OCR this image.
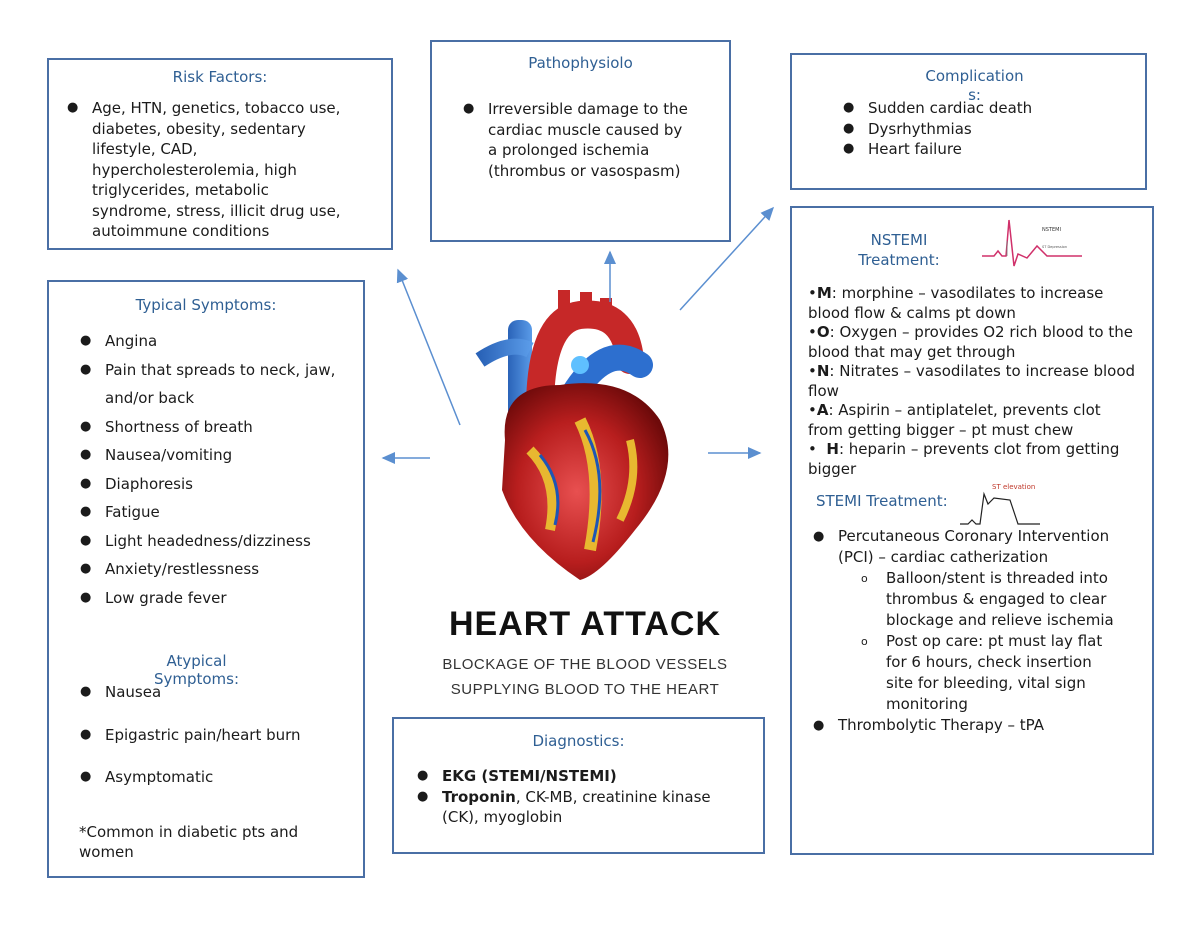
Risk Factors:
● Age, HTN, genetics, tobacco use, diabetes, obesity, sedentary lifestyle, CAD, hypercholesterolemia, high triglycerides, metabolic syndrome, stress, illicit drug use, autoimmune conditions
Pathophysiolo
● Irreversible damage to the cardiac muscle caused by a prolonged ischemia (thrombus or vasospasm)
Complications:
● Sudden cardiac death
● Dysrhythmias
● Heart failure
Typical Symptoms:
● Angina
● Pain that spreads to neck, jaw, and/or back
● Shortness of breath
● Nausea/vomiting
● Diaphoresis
● Fatigue
● Light headedness/dizziness
● Anxiety/restlessness
● Low grade fever
Atypical Symptoms:
● Nausea
● Epigastric pain/heart burn
● Asymptomatic
*Common in diabetic pts and women
HEART ATTACK
BLOCKAGE OF THE BLOOD VESSELS
SUPPLYING BLOOD TO THE HEART
Diagnostics:
● EKG (STEMI/NSTEMI)
● Troponin, CK-MB, creatinine kinase (CK), myoglobin
NSTEMI Treatment:
NSTEMI
ST Depression
•M: morphine – vasodilates to increase blood flow & calms pt down
•O: Oxygen – provides O2 rich blood to the blood that may get through
•N: Nitrates – vasodilates to increase blood flow
•A: Aspirin – antiplatelet, prevents clot from getting bigger – pt must chew
•  H: heparin – prevents clot from getting bigger
STEMI Treatment:
ST elevation
● Percutaneous Coronary Intervention (PCI) – cardiac catherization
o Balloon/stent is threaded into thrombus & engaged to clear blockage and relieve ischemia
o Post op care: pt must lay flat for 6 hours, check insertion site for bleeding, vital sign monitoring
● Thrombolytic Therapy – tPA
